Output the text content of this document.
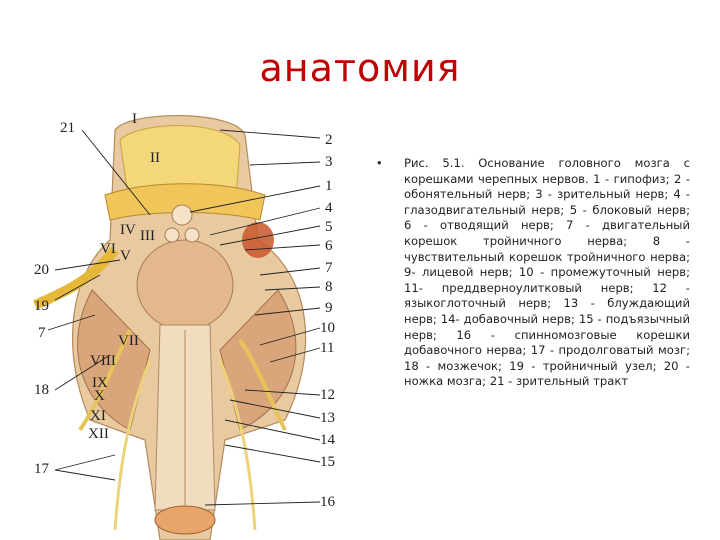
анатомия
21
20
19
7
18
17
I
II
IV III
VI V
VII
VIII
IX
X
XI
XII
2
3
1
4
5
6
7
8
9
10
11
12
13
14
15
16
• Рис. 5.1. Основание головного мозга с корешками черепных нервов. 1 - гипофиз; 2 - обонятельный нерв; 3 - зрительный нерв; 4 - глазодвигательный нерв; 5 - блоковый нерв; 6 - отводящий нерв; 7 - двигательный корешок тройничного нерва; 8 - чувствительный корешок тройничного нерва; 9- лицевой нерв; 10 - промежуточный нерв; 11- преддверноулитковый нерв; 12 - языкоглоточный нерв; 13 - блуждающий нерв; 14- добавочный нерв; 15 - подъязычный нерв; 16 - спинномозговые корешки добавочного нерва; 17 - продолговатый мозг; 18 - мозжечок; 19 - тройничный узел; 20 - ножка мозга; 21 - зрительный тракт
